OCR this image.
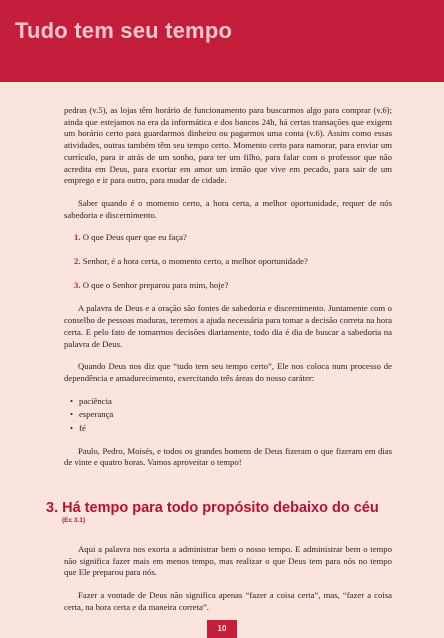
Tudo tem seu tempo

pedras (v.5), as lojas têm horário de funcionamento para buscarmos algo para comprar (v.6); ainda que estejamos na era da informática e dos bancos 24h, há certas transações que exigem um horário certo para guardarmos dinheiro ou pagarmos uma conta (v.6). Assim como essas atividades, outras também têm seu tempo certo. Momento certo para namorar, para enviar um currículo, para ir atrás de um sonho, para ter um filho, para falar com o professor que não acredita em Deus, para exortar em amor um irmão que vive em pecado, para sair de um emprego e ir para outro, para mudar de cidade.

Saber quando é o momento certo, a hora certa, a melhor oportunidade, requer de nós sabedoria e discernimento.

1. O que Deus quer que eu faça?

2. Senhor, é a hora certa, o momento certo, a melhor oportunidade?

3. O que o Senhor preparou para mim, hoje?

A palavra de Deus e a oração são fontes de sabedoria e discernimento. Juntamente com o conselho de pessoas maduras, teremos a ajuda necessária para tomar a decisão correta na hora certa. E pelo fato de tomarmos decisões diariamente, todo dia é dia de buscar a sabedoria na palavra de Deus.

Quando Deus nos diz que “tudo tem seu tempo certo”, Ele nos coloca num processo de dependência e amadurecimento, exercitando três áreas do nosso caráter:

• paciência
• esperança
• fé

Paulo, Pedro, Moisés, e todos os grandes homens de Deus fizeram o que fizeram em dias de vinte e quatro horas. Vamos aproveitar o tempo!

3. Há tempo para todo propósito debaixo do céu
(Ec 3.1)

Aqui a palavra nos exorta a administrar bem o nosso tempo. E administrar bem o tempo não significa fazer mais em menos tempo, mas realizar o que Deus tem para nós no tempo que Ele preparou para nós.

Fazer a vontade de Deus não significa apenas “fazer a coisa certa”, mas, “fazer a coisa certa, na hora certa e da maneira correta”.

10
